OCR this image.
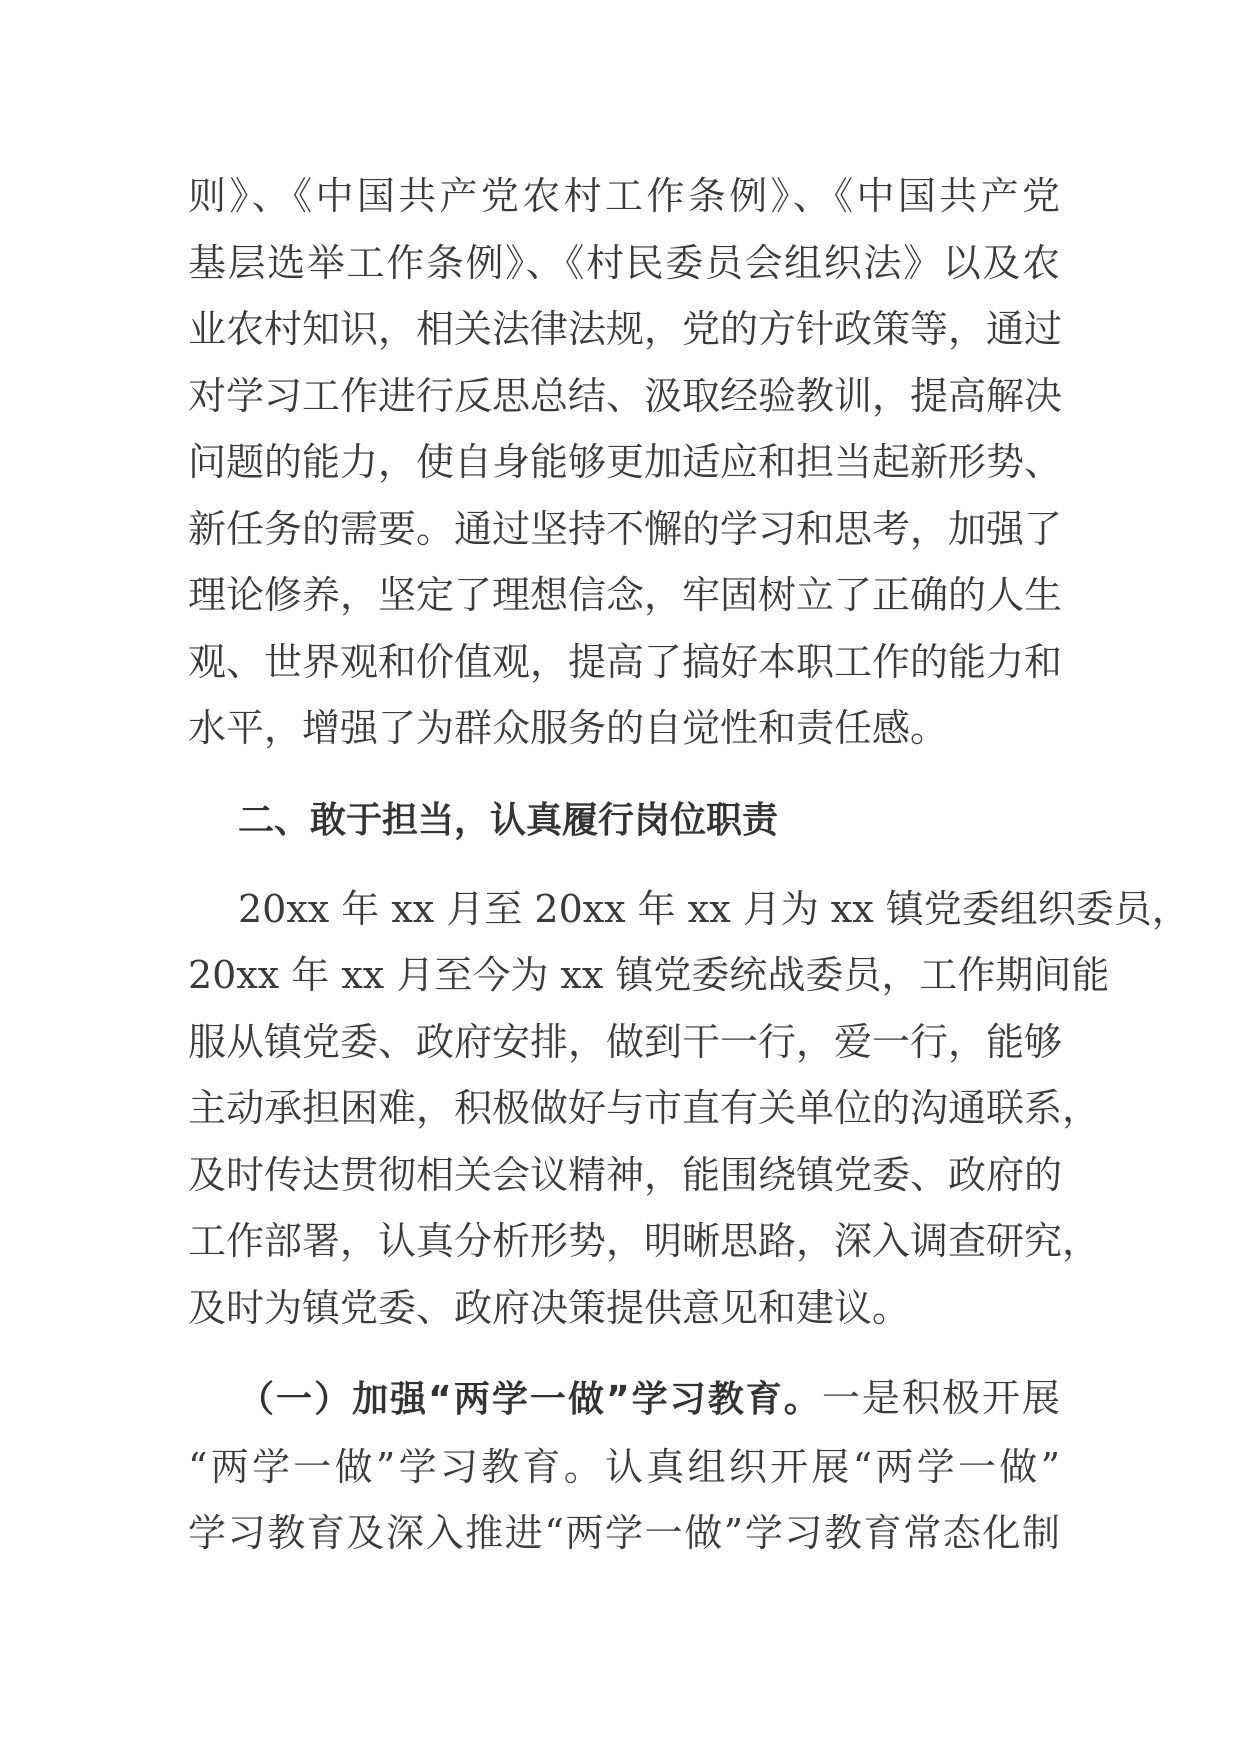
则》、《中国共产党农村工作条例》、《中国共产党
基层选举工作条例》、《村民委员会组织法》以及农
业农村知识，相关法律法规，党的方针政策等，通过
对学习工作进行反思总结、汲取经验教训，提高解决
问题的能力，使自身能够更加适应和担当起新形势、
新任务的需要。通过坚持不懈的学习和思考，加强了
理论修养，坚定了理想信念，牢固树立了正确的人生
观、世界观和价值观，提高了搞好本职工作的能力和
水平，增强了为群众服务的自觉性和责任感。
二、敢于担当，认真履行岗位职责
20xx 年 xx 月至 20xx 年 xx 月为 xx 镇党委组织委员，
20xx 年 xx 月至今为 xx 镇党委统战委员，工作期间能
服从镇党委、政府安排，做到干一行，爱一行，能够
主动承担困难，积极做好与市直有关单位的沟通联系，
及时传达贯彻相关会议精神，能围绕镇党委、政府的
工作部署，认真分析形势，明晰思路，深入调查研究，
及时为镇党委、政府决策提供意见和建议。
（一）加强“两学一做”学习教育。一是积极开展
“两学一做”学习教育。认真组织开展“两学一做”
学习教育及深入推进“两学一做”学习教育常态化制
